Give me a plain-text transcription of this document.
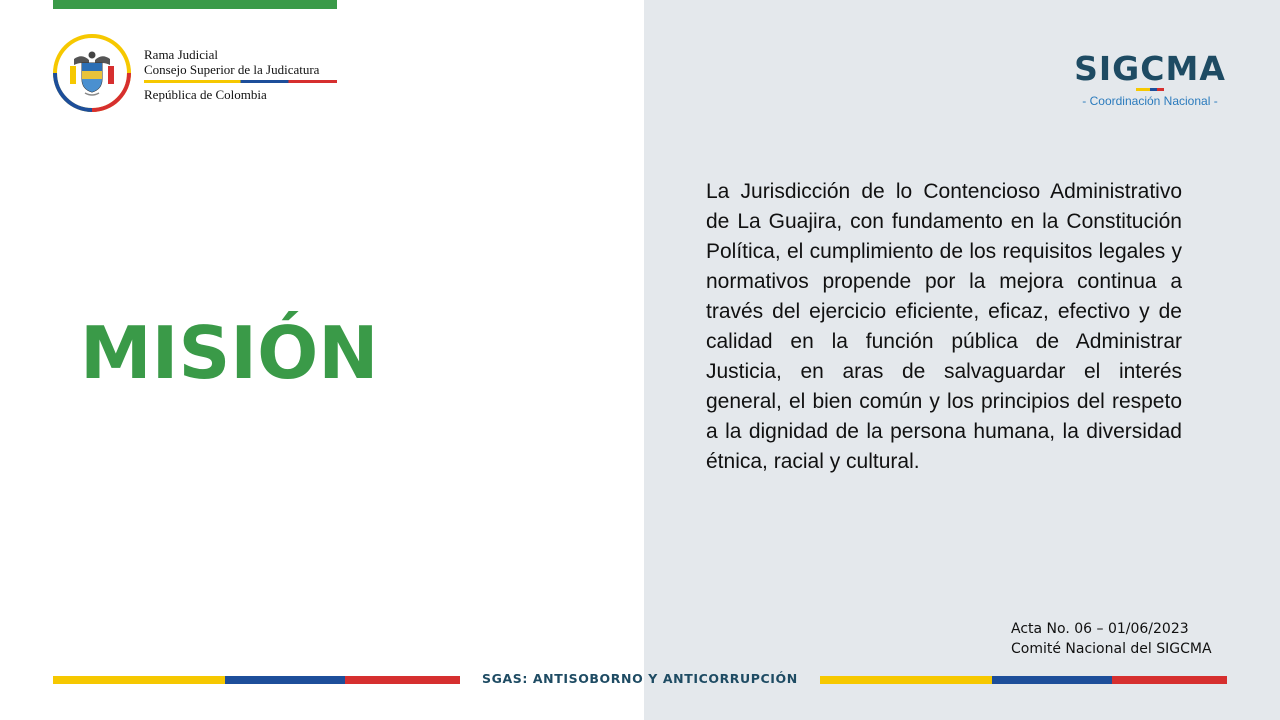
Rama Judicial
Consejo Superior de la Judicatura
República de Colombia
SIGCMA
- Coordinación Nacional -
MISIÓN

La Jurisdicción de lo Contencioso Administrativo de La Guajira, con fundamento en la Constitución Política, el cumplimiento de los requisitos legales y normativos propende por la mejora continua a través del ejercicio eficiente, eficaz, efectivo y de calidad en la función pública de Administrar Justicia, en aras de salvaguardar el interés general, el bien común y los principios del respeto a la dignidad de la persona humana, la diversidad étnica, racial y cultural.

Acta No. 06 – 01/06/2023
Comité Nacional del SIGCMA
SGAS: ANTISOBORNO Y ANTICORRUPCIÓN
